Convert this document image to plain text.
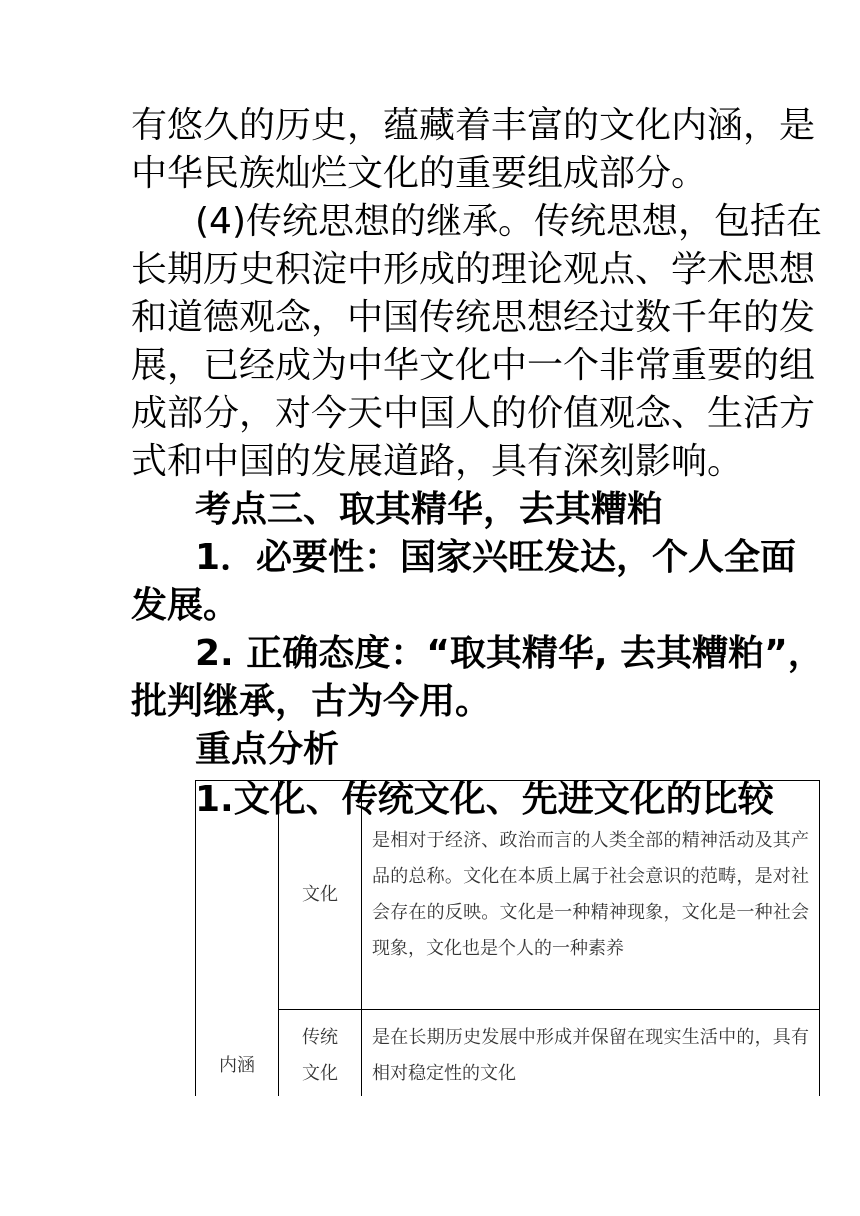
有悠久的历史，蕴藏着丰富的文化内涵，是
中华民族灿烂文化的重要组成部分。
(4)传统思想的继承。传统思想，包括在
长期历史积淀中形成的理论观点、学术思想
和道德观念，中国传统思想经过数千年的发
展，已经成为中华文化中一个非常重要的组
成部分，对今天中国人的价值观念、生活方
式和中国的发展道路，具有深刻影响。
考点三、取其精华，去其糟粕
1．必要性：国家兴旺发达，个人全面
发展。
2. 正确态度：“取其精华, 去其糟粕”，
批判继承，古为今用。
重点分析
1.文化、传统文化、先进文化的比较
内涵	文化	是相对于经济、政治而言的人类全部的精神活动及其产品的总称。文化在本质上属于社会意识的范畴，是对社会存在的反映。文化是一种精神现象，文化是一种社会现象，文化也是个人的一种素养
	传统
文化	是在长期历史发展中形成并保留在现实生活中的，具有相对稳定性的文化
